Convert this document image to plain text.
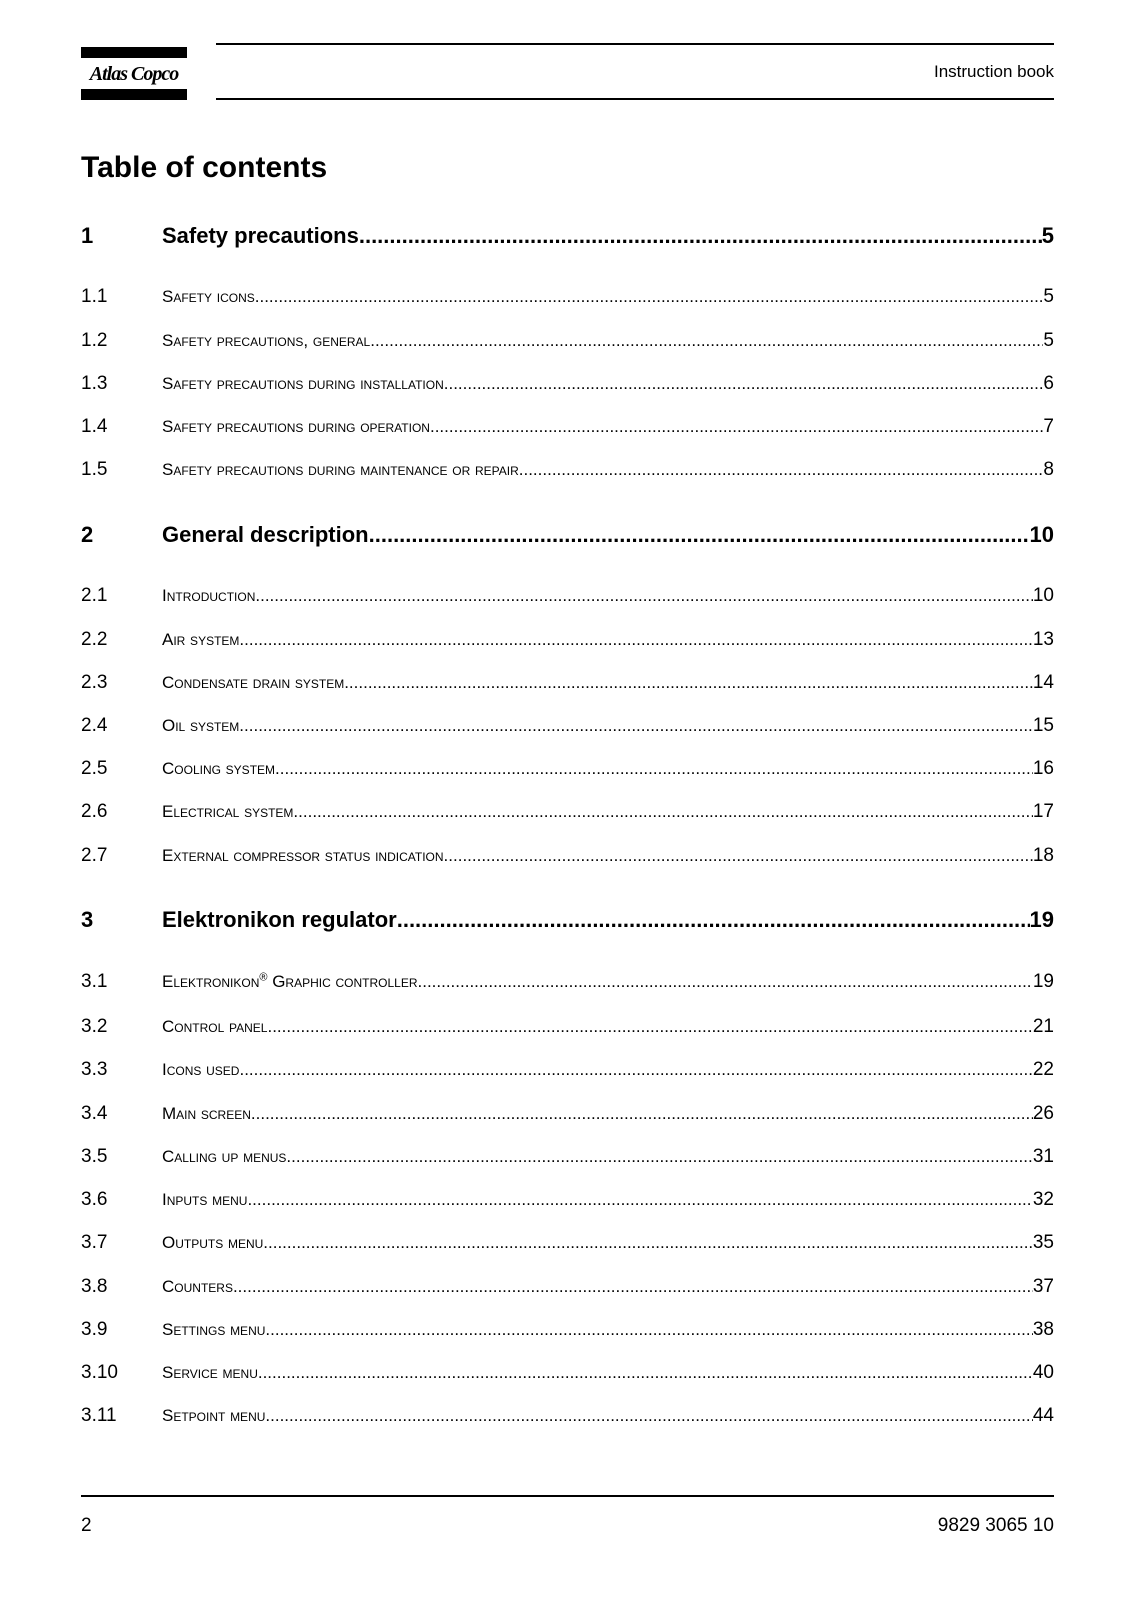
Atlas Copco	Instruction book
Table of contents
1	Safety precautions .....	5
1.1	Safety icons .....	5
1.2	Safety precautions, general .....	5
1.3	Safety precautions during installation .....	6
1.4	Safety precautions during operation .....	7
1.5	Safety precautions during maintenance or repair .....	8
2	General description .....	10
2.1	Introduction .....	10
2.2	Air system .....	13
2.3	Condensate drain system .....	14
2.4	Oil system .....	15
2.5	Cooling system .....	16
2.6	Electrical system .....	17
2.7	External compressor status indication .....	18
3	Elektronikon regulator .....	19
3.1	Elektronikon® Graphic controller .....	19
3.2	Control panel .....	21
3.3	Icons used .....	22
3.4	Main screen .....	26
3.5	Calling up menus .....	31
3.6	Inputs menu .....	32
3.7	Outputs menu .....	35
3.8	Counters .....	37
3.9	Settings menu .....	38
3.10	Service menu .....	40
3.11	Setpoint menu .....	44
2	9829 3065 10
